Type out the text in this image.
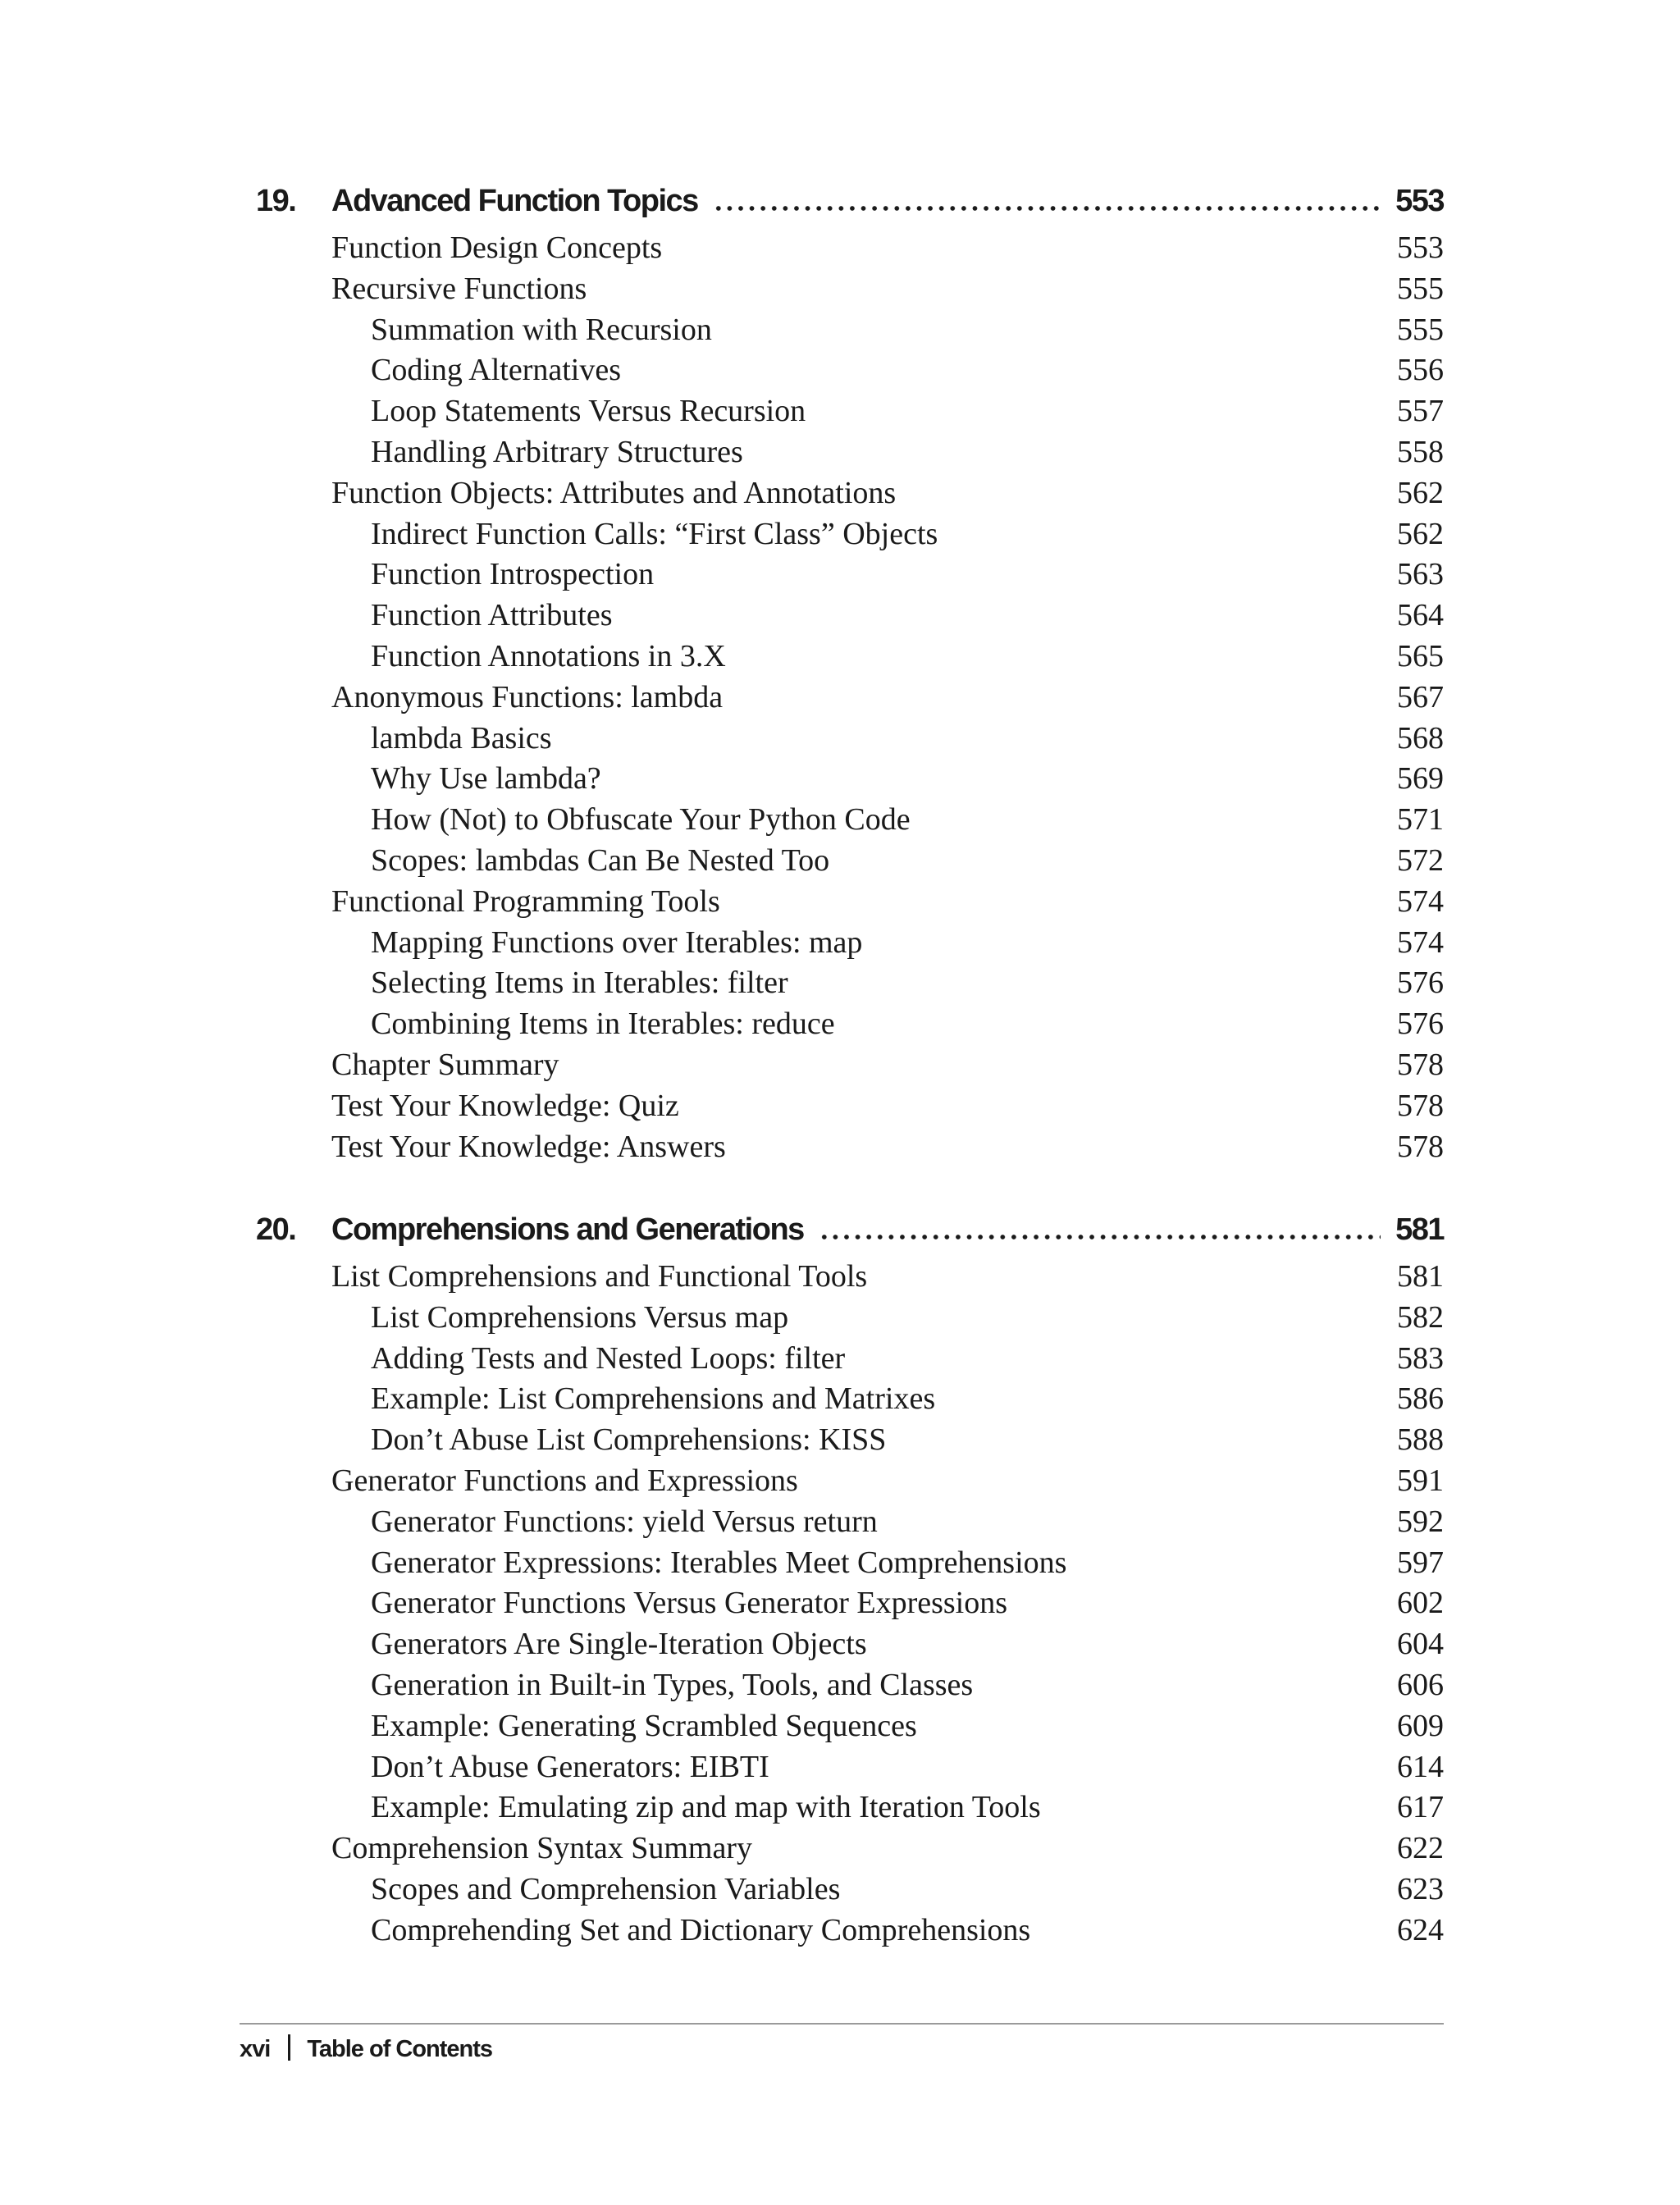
19. Advanced Function Topics	553
Function Design Concepts	553
Recursive Functions	555
Summation with Recursion	555
Coding Alternatives	556
Loop Statements Versus Recursion	557
Handling Arbitrary Structures	558
Function Objects: Attributes and Annotations	562
Indirect Function Calls: “First Class” Objects	562
Function Introspection	563
Function Attributes	564
Function Annotations in 3.X	565
Anonymous Functions: lambda	567
lambda Basics	568
Why Use lambda?	569
How (Not) to Obfuscate Your Python Code	571
Scopes: lambdas Can Be Nested Too	572
Functional Programming Tools	574
Mapping Functions over Iterables: map	574
Selecting Items in Iterables: filter	576
Combining Items in Iterables: reduce	576
Chapter Summary	578
Test Your Knowledge: Quiz	578
Test Your Knowledge: Answers	578
20. Comprehensions and Generations	581
List Comprehensions and Functional Tools	581
List Comprehensions Versus map	582
Adding Tests and Nested Loops: filter	583
Example: List Comprehensions and Matrixes	586
Don’t Abuse List Comprehensions: KISS	588
Generator Functions and Expressions	591
Generator Functions: yield Versus return	592
Generator Expressions: Iterables Meet Comprehensions	597
Generator Functions Versus Generator Expressions	602
Generators Are Single-Iteration Objects	604
Generation in Built-in Types, Tools, and Classes	606
Example: Generating Scrambled Sequences	609
Don’t Abuse Generators: EIBTI	614
Example: Emulating zip and map with Iteration Tools	617
Comprehension Syntax Summary	622
Scopes and Comprehension Variables	623
Comprehending Set and Dictionary Comprehensions	624
xvi Table of Contents
